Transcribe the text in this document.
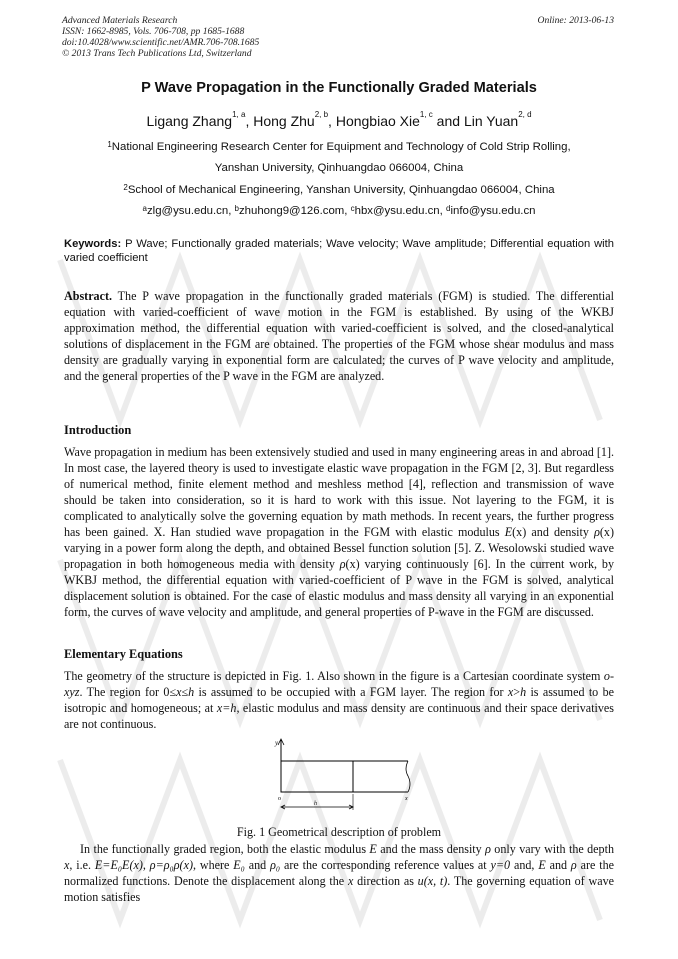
Advanced Materials Research
ISSN: 1662-8985, Vols. 706-708, pp 1685-1688
doi:10.4028/www.scientific.net/AMR.706-708.1685
© 2013 Trans Tech Publications Ltd, Switzerland
Online: 2013-06-13
P Wave Propagation in the Functionally Graded Materials
Ligang Zhang$^{1, a}$, Hong Zhu$^{2, b}$, Hongbiao Xie$^{1, c}$ and Lin Yuan$^{2, d}$
$^1$National Engineering Research Center for Equipment and Technology of Cold Strip Rolling,
Yanshan University, Qinhuangdao 066004, China
$^2$School of Mechanical Engineering, Yanshan University, Qinhuangdao 066004, China
$^a$zlg@ysu.edu.cn, $^b$zhuhong9@126.com, $^c$hbx@ysu.edu.cn, $^d$info@ysu.edu.cn
Keywords: P Wave; Functionally graded materials; Wave velocity; Wave amplitude; Differential equation with varied coefficient
Abstract. The P wave propagation in the functionally graded materials (FGM) is studied. The differential equation with varied-coefficient of wave motion in the FGM is established. By using of the WKBJ approximation method, the differential equation with varied-coefficient is solved, and the closed-analytical solutions of displacement in the FGM are obtained. The properties of the FGM whose shear modulus and mass density are gradually varying in exponential form are calculated; the curves of P wave velocity and amplitude, and the general properties of the P wave in the FGM are analyzed.
Introduction
Wave propagation in medium has been extensively studied and used in many engineering areas in and abroad [1]. In most case, the layered theory is used to investigate elastic wave propagation in the FGM [2, 3]. But regardless of numerical method, finite element method and meshless method [4], reflection and transmission of wave should be taken into consideration, so it is hard to work with this issue. Not layering to the FGM, it is complicated to analytically solve the governing equation by math methods. In recent years, the further progress has been gained. X. Han studied wave propagation in the FGM with elastic modulus E(x) and density ρ(x) varying in a power form along the depth, and obtained Bessel function solution [5]. Z. Wesolowski studied wave propagation in both homogeneous media with density ρ(x) varying continuously [6]. In the current work, by WKBJ method, the differential equation with varied-coefficient of P wave in the FGM is solved, analytical displacement solution is obtained. For the case of elastic modulus and mass density all varying in an exponential form, the curves of wave velocity and amplitude, and general properties of P-wave in the FGM are discussed.
Elementary Equations
The geometry of the structure is depicted in Fig. 1. Also shown in the figure is a Cartesian coordinate system o-xyz. The region for 0≤x≤h is assumed to be occupied with a FGM layer. The region for x>h is assumed to be isotropic and homogeneous; at x=h, elastic modulus and mass density are continuous and their space derivatives are not continuous.
y
o	x
h
Fig. 1 Geometrical description of problem
In the functionally graded region, both the elastic modulus E and the mass density ρ only vary with the depth x, i.e. E=E₀E(x), ρ=ρ₀ρ(x), where E₀ and ρ₀ are the corresponding reference values at y=0 and, E and ρ are the normalized functions. Denote the displacement along the x direction as u(x, t). The governing equation of wave motion satisfies
